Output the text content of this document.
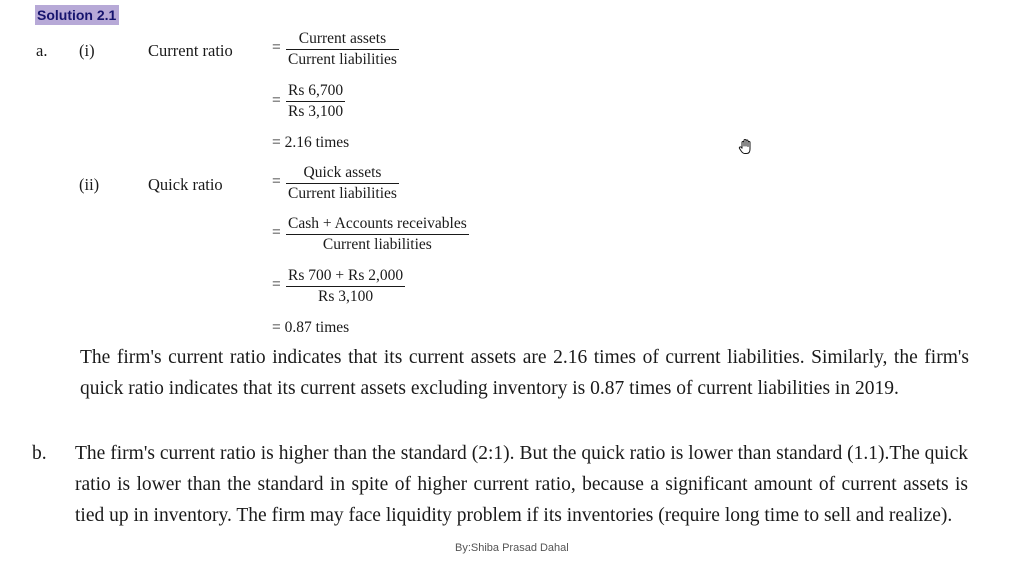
Solution 2.1
a. (i)	Current ratio	=
Current assets
Current liabilities
=
Rs 6,700
Rs 3,100
= 2.16 times
(ii)	Quick ratio	=
Quick assets
Current liabilities
=
Cash + Accounts receivables
Current liabilities
=
Rs 700 + Rs 2,000
Rs 3,100
= 0.87 times
The firm's current ratio indicates that its current assets are 2.16 times of current liabilities. Similarly, the firm's quick ratio indicates that its current assets excluding inventory is 0.87 times of current liabilities in 2019.
b. The firm's current ratio is higher than the standard (2:1). But the quick ratio is lower than standard (1.1).The quick ratio is lower than the standard in spite of higher current ratio, because a significant amount of current assets is tied up in inventory. The firm may face liquidity problem if its inventories (require long time to sell and realize).
By:Shiba Prasad Dahal
